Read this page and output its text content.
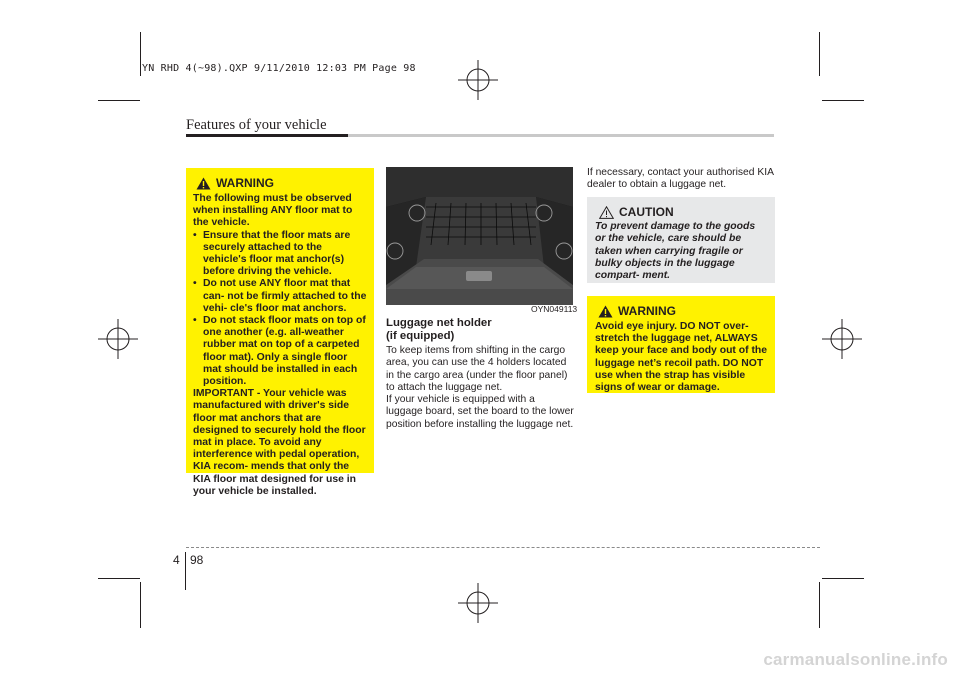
YN RHD 4(~98).QXP 9/11/2010 12:03 PM Page 98
Features of your vehicle
WARNING

The following must be observed when installing ANY floor mat to the vehicle.

• Ensure that the floor mats are securely attached to the vehicle's floor mat anchor(s) before driving the vehicle.
• Do not use ANY floor mat that can- not be firmly attached to the vehi- cle's floor mat anchors.
• Do not stack floor mats on top of one another (e.g. all-weather rubber mat on top of a carpeted floor mat). Only a single floor mat should be installed in each position.

IMPORTANT - Your vehicle was manufactured with driver's side floor mat anchors that are designed to securely hold the floor mat in place. To avoid any interference with pedal operation, KIA recom- mends that only the KIA floor mat designed for use in your vehicle be installed.

OYN049113
Luggage net holder
(if equipped)

To keep items from shifting in the cargo area, you can use the 4 holders located in the cargo area (under the floor panel) to attach the luggage net.

If your vehicle is equipped with a luggage board, set the board to the lower position before installing the luggage net.

If necessary, contact your authorised KIA dealer to obtain a luggage net.
CAUTION
To prevent damage to the goods or the vehicle, care should be taken when carrying fragile or bulky objects in the luggage compart- ment.
WARNING
Avoid eye injury. DO NOT over- stretch the luggage net, ALWAYS keep your face and body out of the luggage net’s recoil path. DO NOT use when the strap has visible signs of wear or damage.
4 98
carmanualsonline.info
